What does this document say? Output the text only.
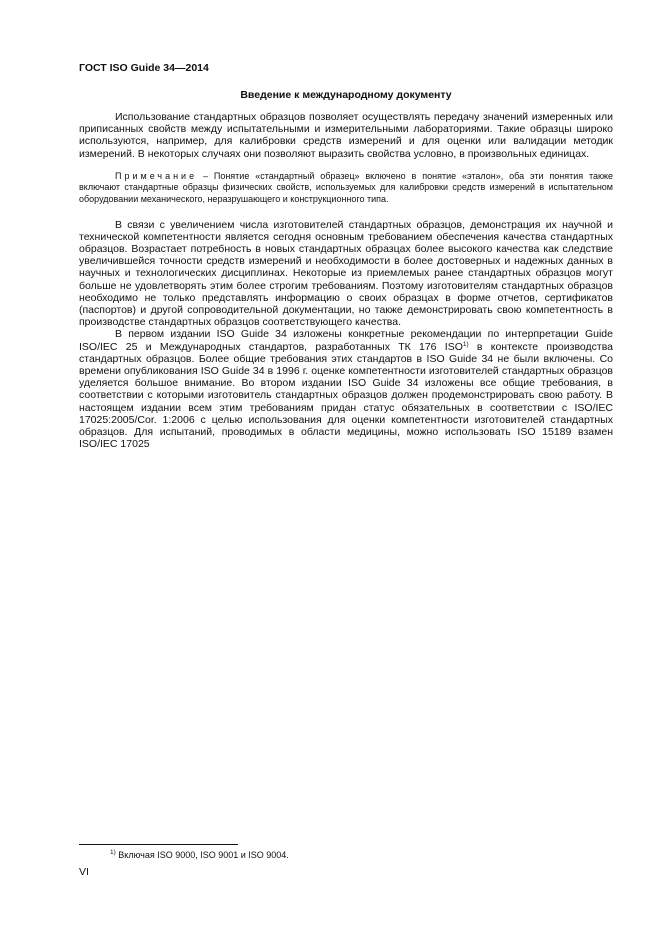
ГОСТ ISO Guide 34—2014
Введение к международному документу

Использование стандартных образцов позволяет осуществлять передачу значений измеренных или приписанных свойств между испытательными и измерительными лабораториями. Такие образцы широко используются, например, для калибровки средств измерений и для оценки или валидации методик измерений. В некоторых случаях они позволяют выразить свойства условно, в произвольных единицах.

Примечание – Понятие «стандартный образец» включено в понятие «эталон», оба эти понятия также включают стандартные образцы физических свойств, используемых для калибровки средств измерений в испытательном оборудовании механического, неразрушающего и конструкционного типа.

В связи с увеличением числа изготовителей стандартных образцов, демонстрация их научной и технической компетентности является сегодня основным требованием обеспечения качества стандартных образцов. Возрастает потребность в новых стандартных образцах более высокого качества как следствие увеличившейся точности средств измерений и необходимости в более достоверных и надежных данных в научных и технологических дисциплинах. Некоторые из приемлемых ранее стандартных образцов могут больше не удовлетворять этим более строгим требованиям. Поэтому изготовителям стандартных образцов необходимо не только представлять информацию о своих образцах в форме отчетов, сертификатов (паспортов) и другой сопроводительной документации, но также демонстрировать свою компетентность в производстве стандартных образцов соответствующего качества.

В первом издании ISO Guide 34 изложены конкретные рекомендации по интерпретации Guide ISO/IEC 25 и Международных стандартов, разработанных ТК 176 ISO$^{1)}$ в контексте производства стандартных образцов. Более общие требования этих стандартов в ISO Guide 34 не были включены. Со времени опубликования ISO Guide 34 в 1996 г. оценке компетентности изготовителей стандартных образцов уделяется большое внимание. Во втором издании ISO Guide 34 изложены все общие требования, в соответствии с которыми изготовитель стандартных образцов должен продемонстрировать свою работу. В настоящем издании всем этим требованиям придан статус обязательных в соответствии с ISO/IEC 17025:2005/Cor. 1:2006 с целью использования для оценки компетентности изготовителей стандартных образцов. Для испытаний, проводимых в области медицины, можно использовать ISO 15189 взамен ISO/IEC 17025

$^{1)}$ Включая ISO 9000, ISO 9001 и ISO 9004.
VI
